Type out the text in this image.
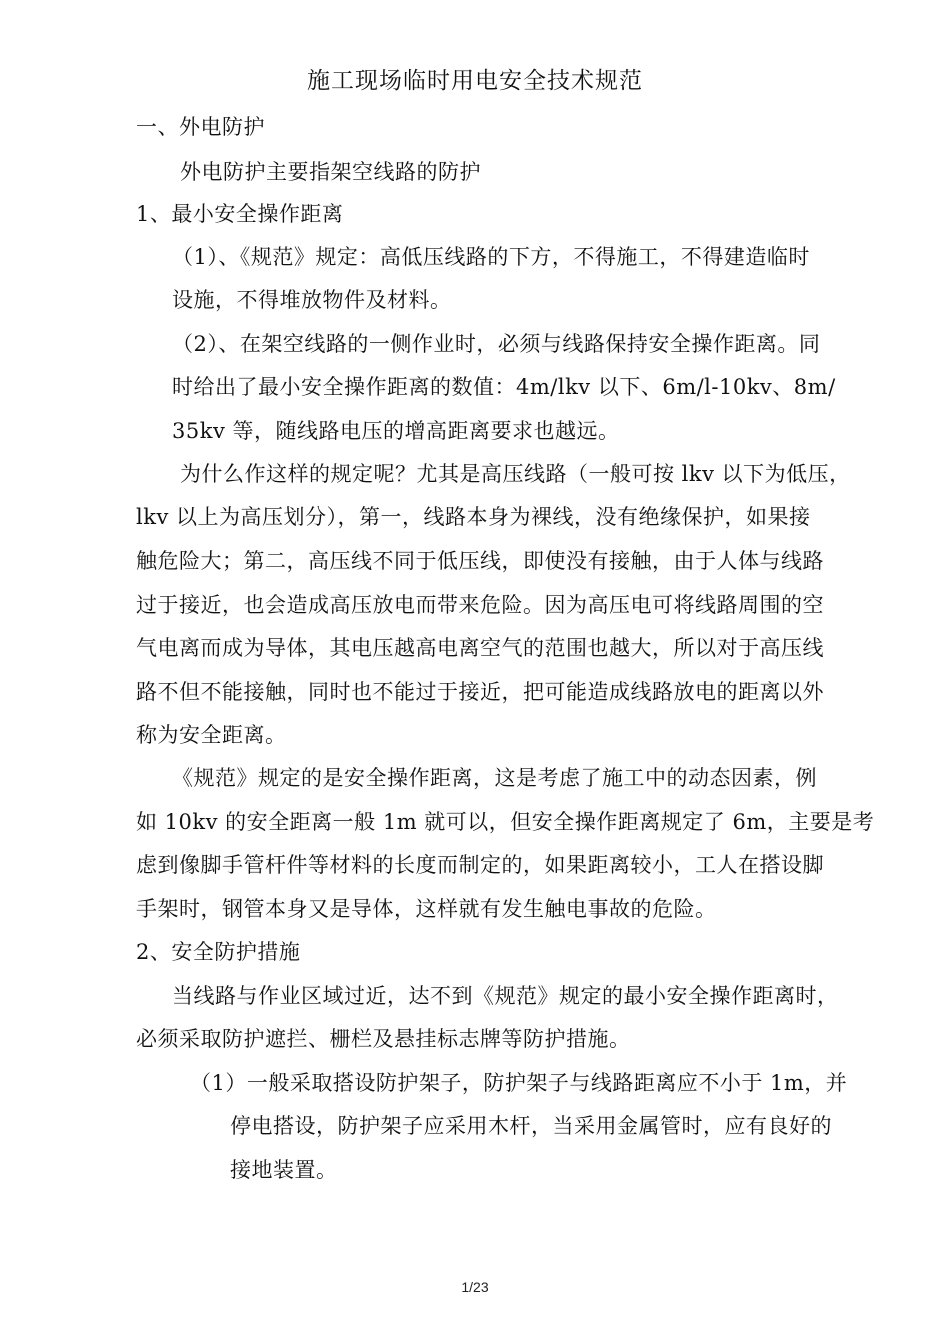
施工现场临时用电安全技术规范
一、外电防护
外电防护主要指架空线路的防护
1、最小安全操作距离
（1）、《规范》规定：高低压线路的下方，不得施工，不得建造临时
设施，不得堆放物件及材料。
（2）、在架空线路的一侧作业时，必须与线路保持安全操作距离。同
时给出了最小安全操作距离的数值：4m/lkv 以下、6m/l-10kv、8m/
35kv 等，随线路电压的增高距离要求也越远。
为什么作这样的规定呢？尤其是高压线路（一般可按 lkv 以下为低压，
lkv 以上为高压划分），第一，线路本身为裸线，没有绝缘保护，如果接
触危险大；第二，高压线不同于低压线，即使没有接触，由于人体与线路
过于接近，也会造成高压放电而带来危险。因为高压电可将线路周围的空
气电离而成为导体，其电压越高电离空气的范围也越大，所以对于高压线
路不但不能接触，同时也不能过于接近，把可能造成线路放电的距离以外
称为安全距离。
《规范》规定的是安全操作距离，这是考虑了施工中的动态因素，例
如 10kv 的安全距离一般 1m 就可以，但安全操作距离规定了 6m，主要是考
虑到像脚手管杆件等材料的长度而制定的，如果距离较小，工人在搭设脚
手架时，钢管本身又是导体，这样就有发生触电事故的危险。
2、安全防护措施
当线路与作业区域过近，达不到《规范》规定的最小安全操作距离时，
必须采取防护遮拦、栅栏及悬挂标志牌等防护措施。
（1）一般采取搭设防护架子，防护架子与线路距离应不小于 1m，并
停电搭设，防护架子应采用木杆，当采用金属管时，应有良好的
接地装置。
1/23
